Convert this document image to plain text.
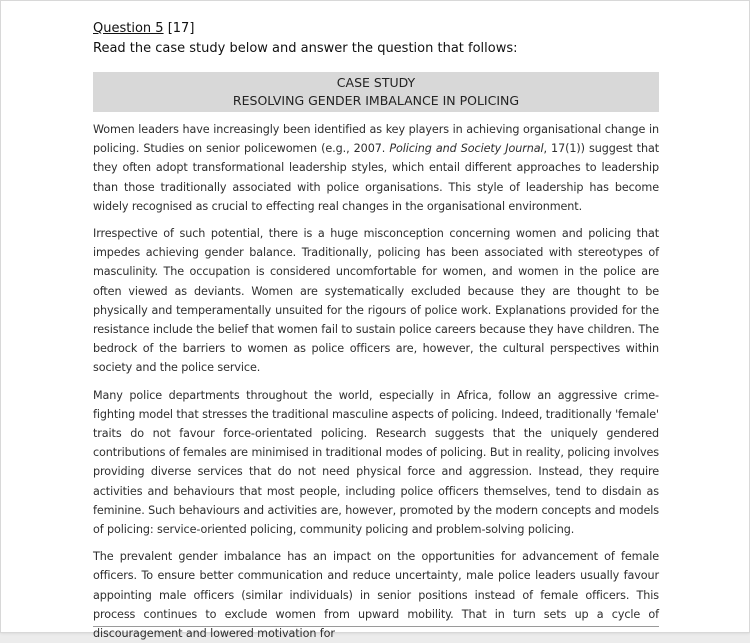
Question 5 [17]
Read the case study below and answer the question that follows:
CASE STUDY
RESOLVING GENDER IMBALANCE IN POLICING

Women leaders have increasingly been identified as key players in achieving organisational change in policing. Studies on senior policewomen (e.g., 2007. Policing and Society Journal, 17(1)) suggest that they often adopt transformational leadership styles, which entail different approaches to leadership than those traditionally associated with police organisations. This style of leadership has become widely recognised as crucial to effecting real changes in the organisational environment.

Irrespective of such potential, there is a huge misconception concerning women and policing that impedes achieving gender balance. Traditionally, policing has been associated with stereotypes of masculinity. The occupation is considered uncomfortable for women, and women in the police are often viewed as deviants. Women are systematically excluded because they are thought to be physically and temperamentally unsuited for the rigours of police work. Explanations provided for the resistance include the belief that women fail to sustain police careers because they have children. The bedrock of the barriers to women as police officers are, however, the cultural perspectives within society and the police service.

Many police departments throughout the world, especially in Africa, follow an aggressive crime-fighting model that stresses the traditional masculine aspects of policing. Indeed, traditionally 'female' traits do not favour force-orientated policing. Research suggests that the uniquely gendered contributions of females are minimised in traditional modes of policing. But in reality, policing involves providing diverse services that do not need physical force and aggression. Instead, they require activities and behaviours that most people, including police officers themselves, tend to disdain as feminine. Such behaviours and activities are, however, promoted by the modern concepts and models of policing: service-oriented policing, community policing and problem-solving policing.

The prevalent gender imbalance has an impact on the opportunities for advancement of female officers. To ensure better communication and reduce uncertainty, male police leaders usually favour appointing male officers (similar individuals) in senior positions instead of female officers. This process continues to exclude women from upward mobility. That in turn sets up a cycle of discouragement and lowered motivation for
